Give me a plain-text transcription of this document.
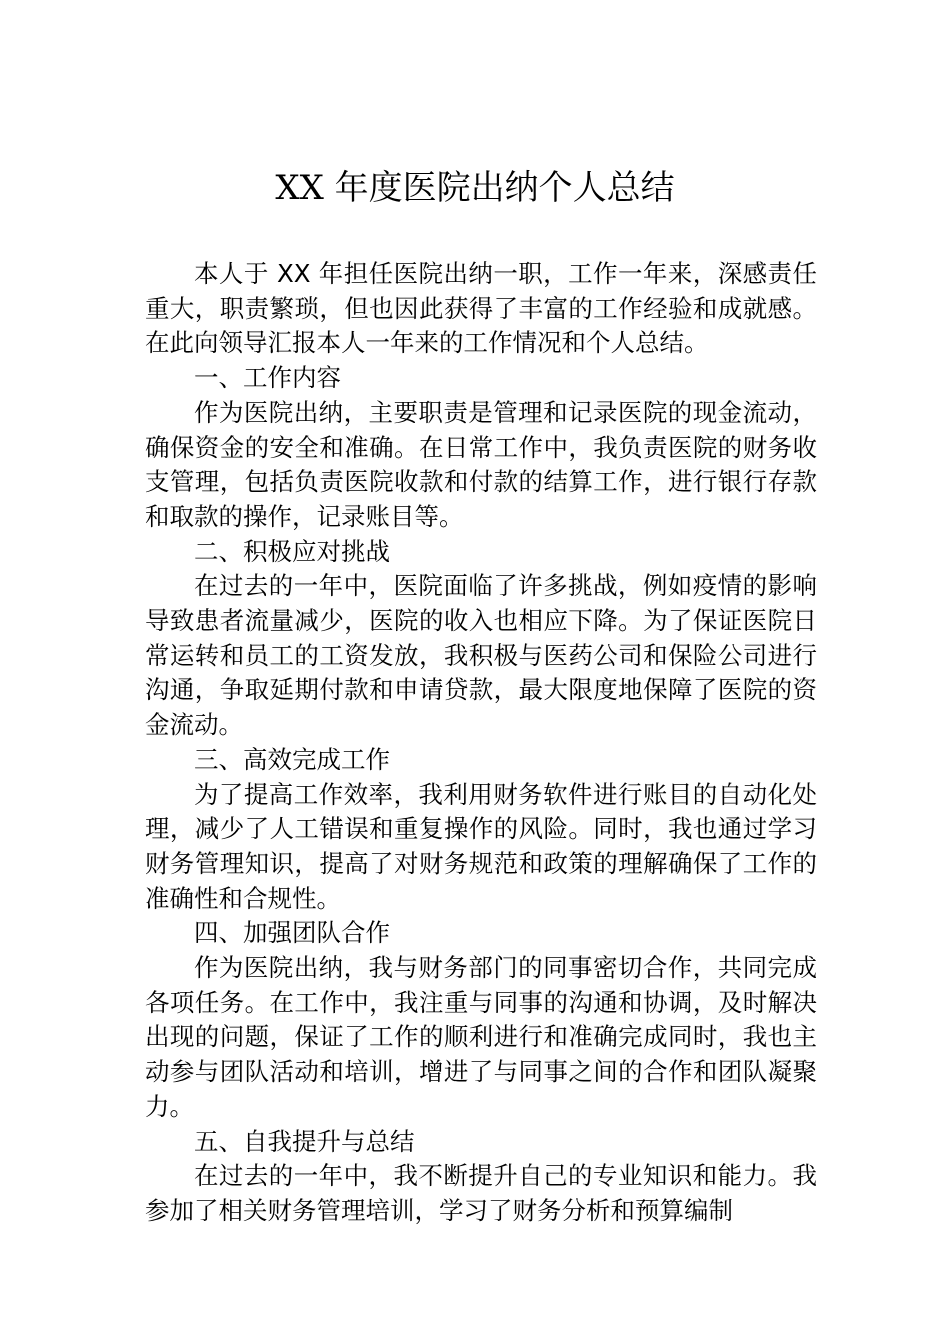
XX 年度医院出纳个人总结

本人于 XX 年担任医院出纳一职，工作一年来，深感责任重大，职责繁琐，但也因此获得了丰富的工作经验和成就感。在此向领导汇报本人一年来的工作情况和个人总结。

一、工作内容

作为医院出纳，主要职责是管理和记录医院的现金流动，确保资金的安全和准确。在日常工作中，我负责医院的财务收支管理，包括负责医院收款和付款的结算工作，进行银行存款和取款的操作，记录账目等。

二、积极应对挑战

在过去的一年中，医院面临了许多挑战，例如疫情的影响导致患者流量减少，医院的收入也相应下降。为了保证医院日常运转和员工的工资发放，我积极与医药公司和保险公司进行沟通，争取延期付款和申请贷款，最大限度地保障了医院的资金流动。

三、高效完成工作

为了提高工作效率，我利用财务软件进行账目的自动化处理，减少了人工错误和重复操作的风险。同时，我也通过学习财务管理知识，提高了对财务规范和政策的理解确保了工作的准确性和合规性。

四、加强团队合作

作为医院出纳，我与财务部门的同事密切合作，共同完成各项任务。在工作中，我注重与同事的沟通和协调，及时解决出现的问题，保证了工作的顺利进行和准确完成同时，我也主动参与团队活动和培训，增进了与同事之间的合作和团队凝聚力。

五、自我提升与总结

在过去的一年中，我不断提升自己的专业知识和能力。我参加了相关财务管理培训，学习了财务分析和预算编制
